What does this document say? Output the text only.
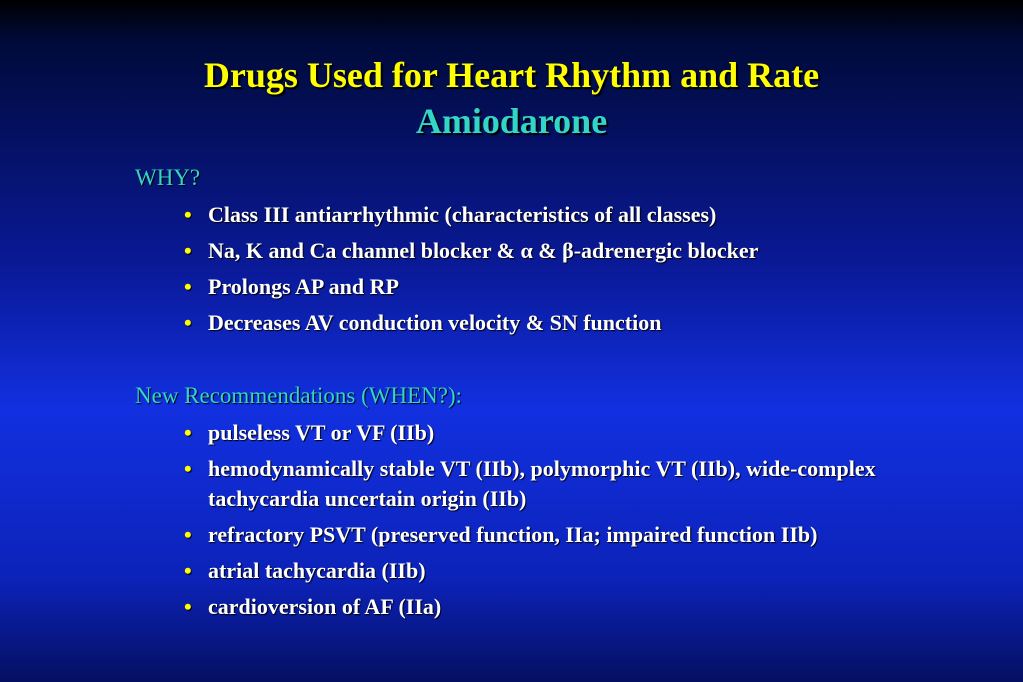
Drugs Used for Heart Rhythm and Rate
Amiodarone
WHY?
• Class III antiarrhythmic (characteristics of all classes)
• Na, K and Ca channel blocker & α & β-adrenergic blocker
• Prolongs AP and RP
• Decreases AV conduction velocity & SN function
New Recommendations (WHEN?):
• pulseless VT or VF (IIb)
• hemodynamically stable VT (IIb), polymorphic VT (IIb), wide-complex tachycardia uncertain origin (IIb)
• refractory PSVT (preserved function, IIa; impaired function IIb)
• atrial tachycardia (IIb)
• cardioversion of AF (IIa)
